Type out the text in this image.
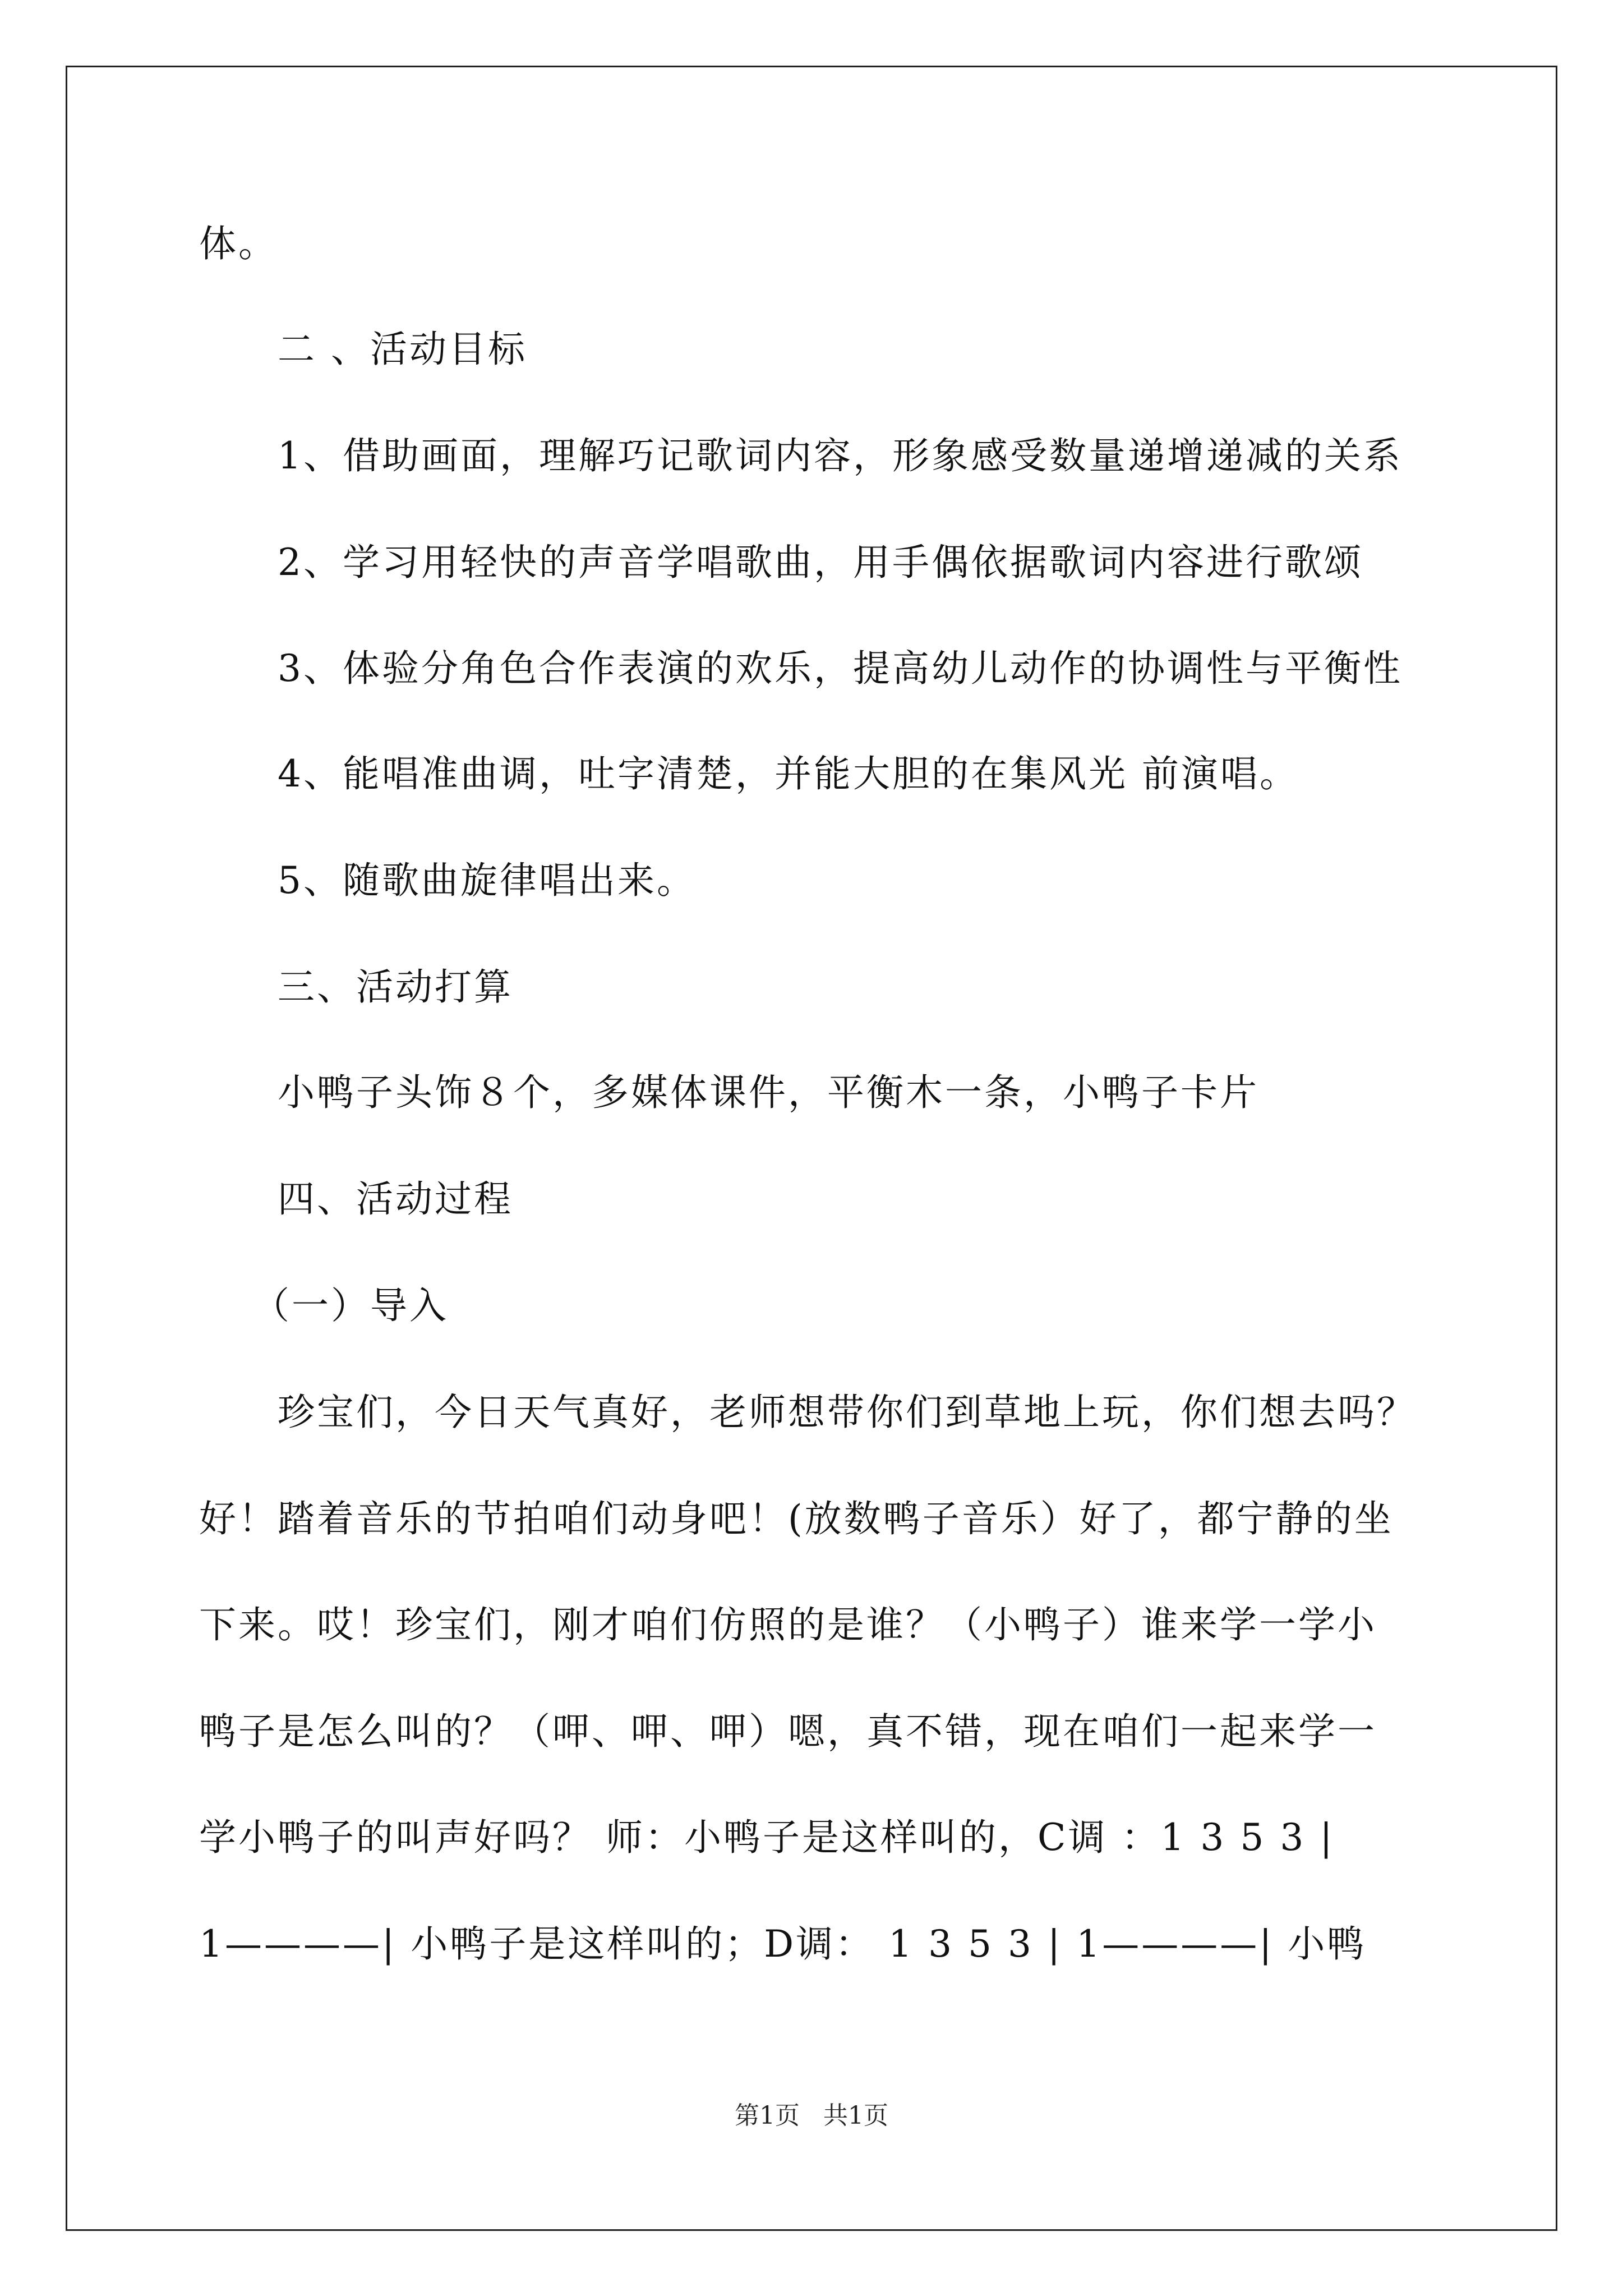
体。
二 、活动目标
1、借助画面，理解巧记歌词内容，形象感受数量递增递减的关系
2、学习用轻快的声音学唱歌曲，用手偶依据歌词内容进行歌颂
3、体验分角色合作表演的欢乐，提高幼儿动作的协调性与平衡性
4、能唱准曲调，吐字清楚，并能大胆的在集风光 前演唱。
5、随歌曲旋律唱出来。
三、活动打算
小鸭子头饰８个，多媒体课件，平衡木一条，小鸭子卡片
四、活动过程
（一）导入
珍宝们，今日天气真好，老师想带你们到草地上玩，你们想去吗？
好！踏着音乐的节拍咱们动身吧！(放数鸭子音乐）好了，都宁静的坐
下来。哎！珍宝们，刚才咱们仿照的是谁？（小鸭子）谁来学一学小
鸭子是怎么叫的？（呷、呷、呷）嗯，真不错，现在咱们一起来学一
学小鸭子的叫声好吗？ 师：小鸭子是这样叫的，C调 ：1 3 5 3 |
1————| 小鸭子是这样叫的；D调： 1 3 5 3 | 1————| 小鸭
第1页   共1页
